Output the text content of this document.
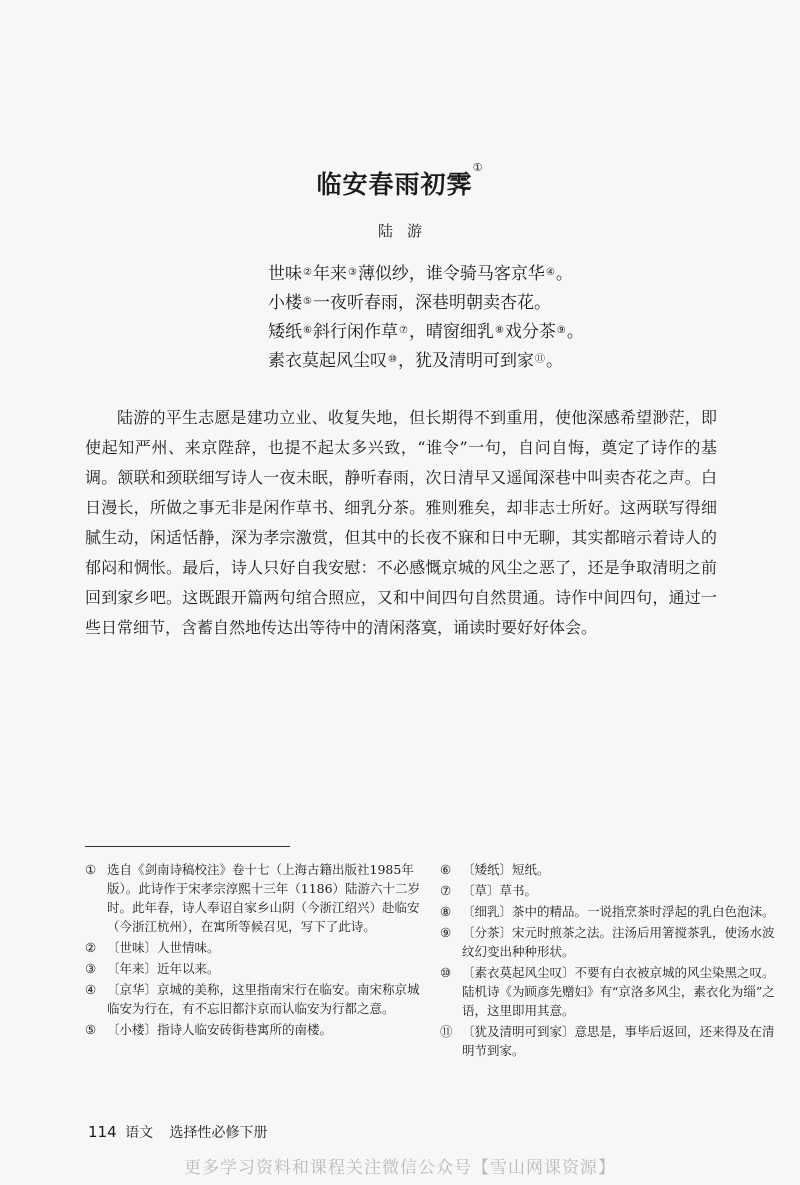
临安春雨初霁①
陆游
世味②年来③薄似纱，谁令骑马客京华④。
小楼⑤一夜听春雨，深巷明朝卖杏花。
矮纸⑥斜行闲作草⑦，晴窗细乳⑧戏分茶⑨。
素衣莫起风尘叹⑩，犹及清明可到家⑪。
陆游的平生志愿是建功立业、收复失地，但长期得不到重用，使他深感希望渺茫，即使起知严州、来京陛辞，也提不起太多兴致，“谁令”一句，自问自悔，奠定了诗作的基调。颔联和颈联细写诗人一夜未眠，静听春雨，次日清早又遥闻深巷中叫卖杏花之声。白日漫长，所做之事无非是闲作草书、细乳分茶。雅则雅矣，却非志士所好。这两联写得细腻生动，闲适恬静，深为孝宗激赏，但其中的长夜不寐和日中无聊，其实都暗示着诗人的郁闷和惆怅。最后，诗人只好自我安慰：不必感慨京城的风尘之恶了，还是争取清明之前回到家乡吧。这既跟开篇两句绾合照应，又和中间四句自然贯通。诗作中间四句，通过一些日常细节，含蓄自然地传达出等待中的清闲落寞，诵读时要好好体会。
① 选自《剑南诗稿校注》卷十七（上海古籍出版社1985年版）。此诗作于宋孝宗淳熙十三年（1186）陆游六十二岁时。此年春，诗人奉诏自家乡山阴（今浙江绍兴）赴临安（今浙江杭州），在寓所等候召见，写下了此诗。
② 〔世味〕人世情味。
③ 〔年来〕近年以来。
④ 〔京华〕京城的美称，这里指南宋行在临安。南宋称京城临安为行在，有不忘旧都汴京而认临安为行都之意。
⑤ 〔小楼〕指诗人临安砖街巷寓所的南楼。
⑥ 〔矮纸〕短纸。
⑦ 〔草〕草书。
⑧ 〔细乳〕茶中的精品。一说指烹茶时浮起的乳白色泡沫。
⑨ 〔分茶〕宋元时煎茶之法。注汤后用箸搅茶乳，使汤水波纹幻变出种种形状。
⑩ 〔素衣莫起风尘叹〕不要有白衣被京城的风尘染黑之叹。陆机诗《为顾彦先赠妇》有“京洛多风尘，素衣化为缁”之语，这里即用其意。
⑪ 〔犹及清明可到家〕意思是，事毕后返回，还来得及在清明节到家。
114 语文 选择性必修下册
更多学习资料和课程关注微信公众号【雪山网课资源】
